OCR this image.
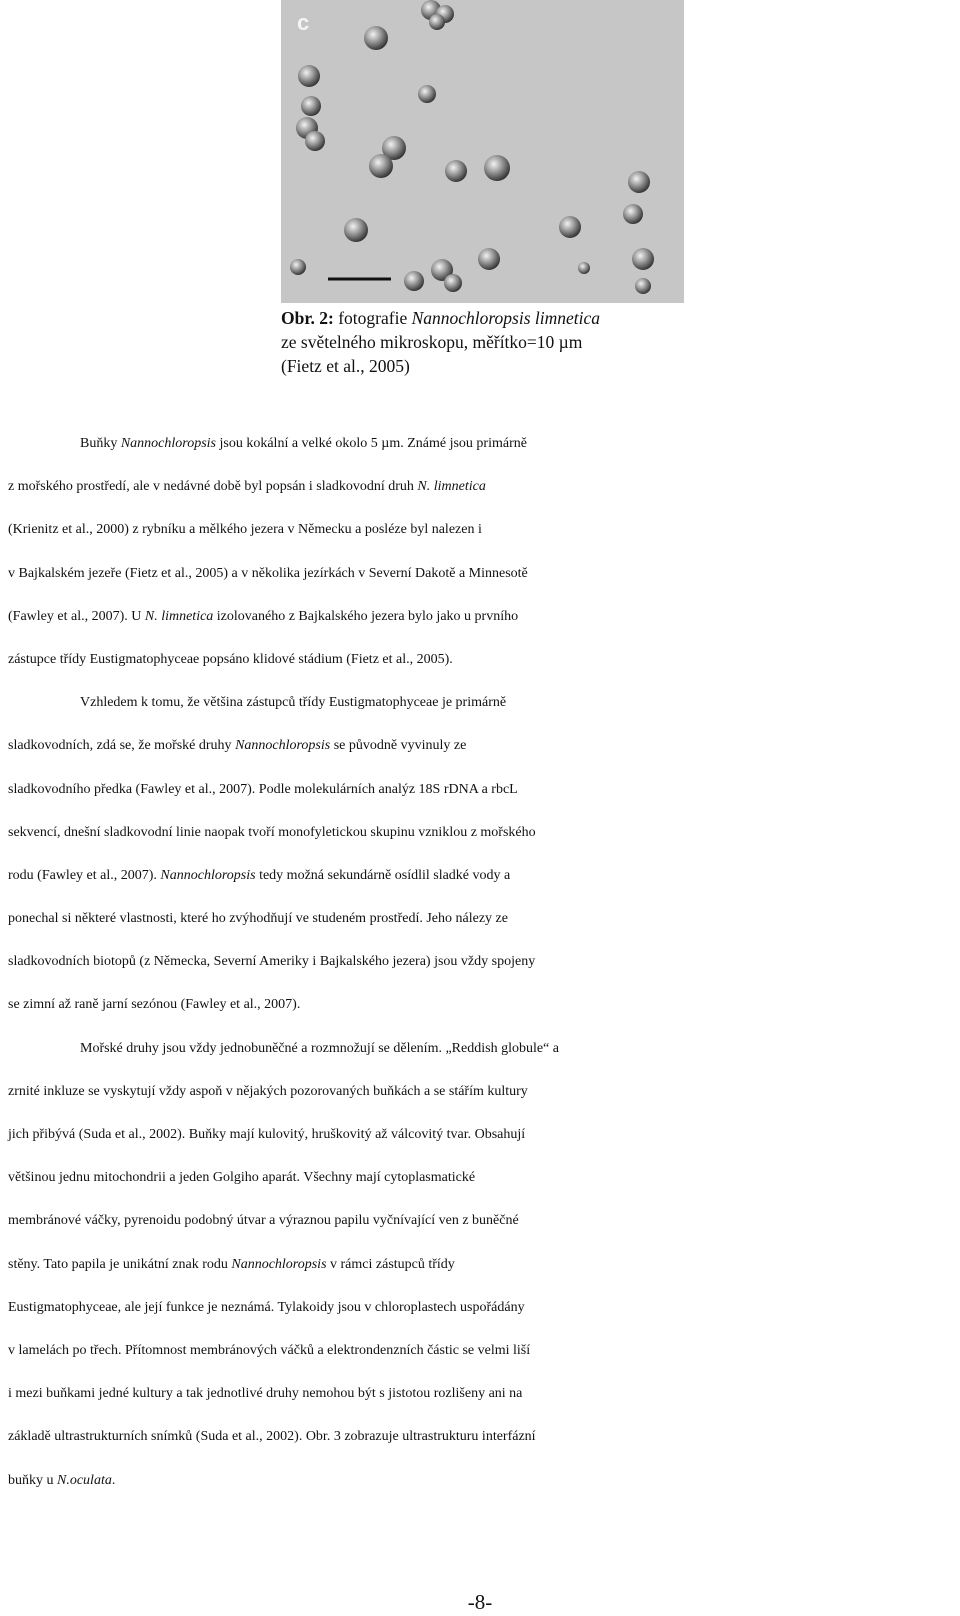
c
Obr. 2: fotografie Nannochloropsis limnetica
ze světelného mikroskopu, měřítko=10 µm
(Fietz et al., 2005)
Buňky Nannochloropsis jsou kokální a velké okolo 5 µm. Známé jsou primárně
z mořského prostředí, ale v nedávné době byl popsán i sladkovodní druh N. limnetica
(Krienitz et al., 2000) z rybníku a mělkého jezera v Německu a posléze byl nalezen i
v Bajkalském jezeře (Fietz et al., 2005) a v několika jezírkách v Severní Dakotě a Minnesotě
(Fawley et al., 2007). U N. limnetica izolovaného z Bajkalského jezera bylo jako u prvního
zástupce třídy Eustigmatophyceae popsáno klidové stádium (Fietz et al., 2005).
Vzhledem k tomu, že většina zástupců třídy Eustigmatophyceae je primárně
sladkovodních, zdá se, že mořské druhy Nannochloropsis se původně vyvinuly ze
sladkovodního předka (Fawley et al., 2007). Podle molekulárních analýz 18S rDNA a rbcL
sekvencí, dnešní sladkovodní linie naopak tvoří monofyletickou skupinu vzniklou z mořského
rodu (Fawley et al., 2007). Nannochloropsis tedy možná sekundárně osídlil sladké vody a
ponechal si některé vlastnosti, které ho zvýhodňují ve studeném prostředí. Jeho nálezy ze
sladkovodních biotopů (z Německa, Severní Ameriky i Bajkalského jezera) jsou vždy spojeny
se zimní až raně jarní sezónou (Fawley et al., 2007).
Mořské druhy jsou vždy jednobuněčné a rozmnožují se dělením. „Reddish globule“ a
zrnité inkluze se vyskytují vždy aspoň v nějakých pozorovaných buňkách a se stářím kultury
jich přibývá (Suda et al., 2002). Buňky mají kulovitý, hruškovitý až válcovitý tvar. Obsahují
většinou jednu mitochondrii a jeden Golgiho aparát. Všechny mají cytoplasmatické
membránové váčky, pyrenoidu podobný útvar a výraznou papilu vyčnívající ven z buněčné
stěny. Tato papila je unikátní znak rodu Nannochloropsis v rámci zástupců třídy
Eustigmatophyceae, ale její funkce je neznámá. Tylakoidy jsou v chloroplastech uspořádány
v lamelách po třech. Přítomnost membránových váčků a elektrondenzních částic se velmi liší
i mezi buňkami jedné kultury a tak jednotlivé druhy nemohou být s jistotou rozlišeny ani na
základě ultrastrukturních snímků (Suda et al., 2002). Obr. 3 zobrazuje ultrastrukturu interfázní
buňky u N.oculata.
-8-
